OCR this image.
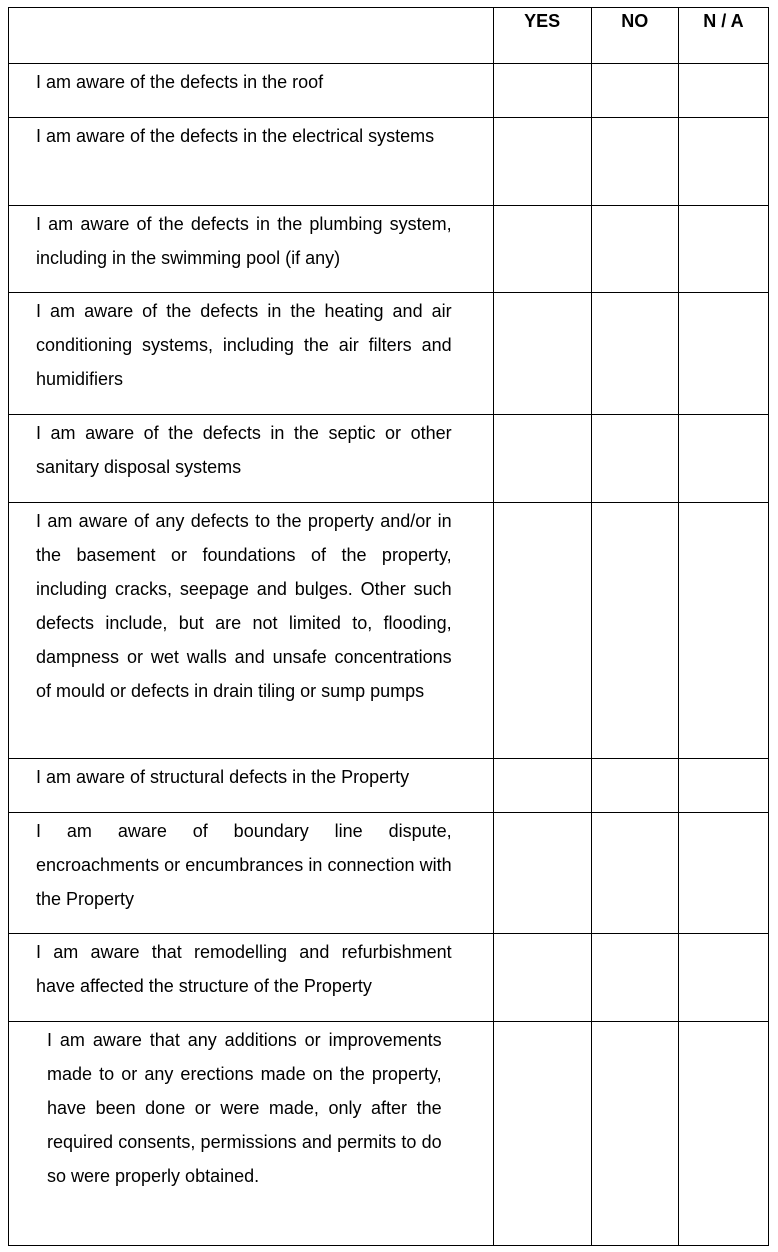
	YES	NO	N / A
I am aware of the defects in the roof			
I am aware of the defects in the electrical systems			
I am aware of the defects in the plumbing system, including in the swimming pool (if any)			
I am aware of the defects in the heating and air conditioning systems, including the air filters and humidifiers			
I am aware of the defects in the septic or other sanitary disposal systems			
I am aware of any defects to the property and/or in the basement or foundations of the property, including cracks, seepage and bulges. Other such defects include, but are not limited to, flooding, dampness or wet walls and unsafe concentrations of mould or defects in drain tiling or sump pumps			
I am aware of structural defects in the Property			
I am aware of boundary line dispute, encroachments or encumbrances in connection with the Property			
I am aware that remodelling and refurbishment have affected the structure of the Property			
I am aware that any additions or improvements made to or any erections made on the property, have been done or were made, only after the required consents, permissions and permits to do so were properly obtained.			
